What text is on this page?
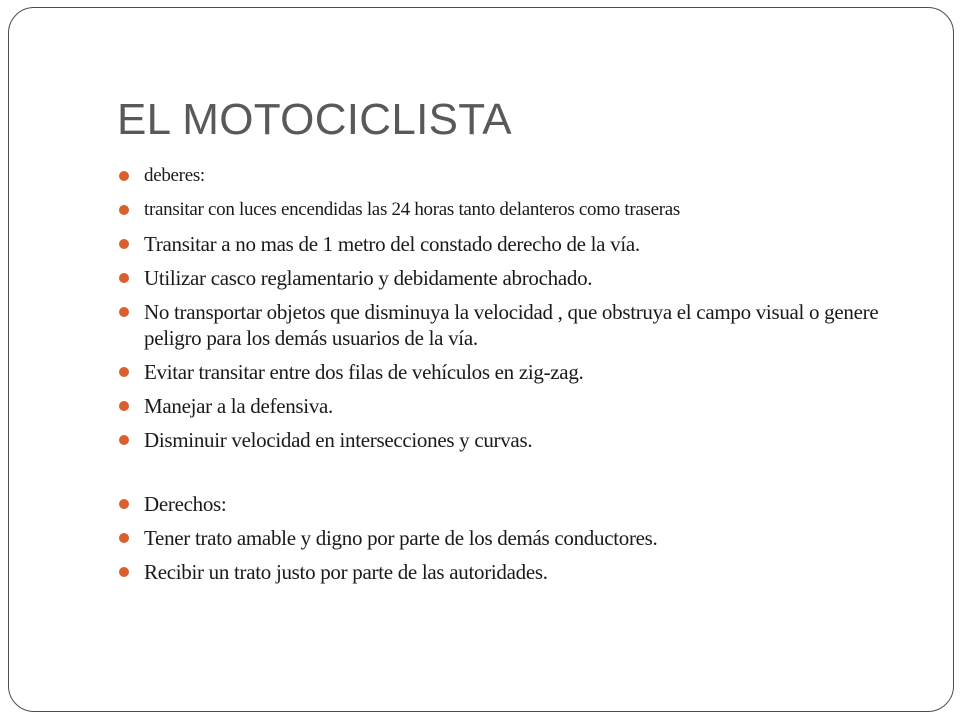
EL MOTOCICLISTA
deberes:
transitar con luces encendidas las 24 horas tanto delanteros como traseras
Transitar a no mas de 1 metro del constado derecho de la vía.
Utilizar casco reglamentario y debidamente abrochado.
No transportar objetos que disminuya la velocidad , que obstruya el campo visual o genere peligro para los demás usuarios de la vía.
Evitar transitar entre dos filas de vehículos en zig-zag.
Manejar a la defensiva.
Disminuir velocidad en intersecciones y curvas.
Derechos:
Tener trato amable y digno por parte de los demás conductores.
Recibir un trato justo por parte de las autoridades.
